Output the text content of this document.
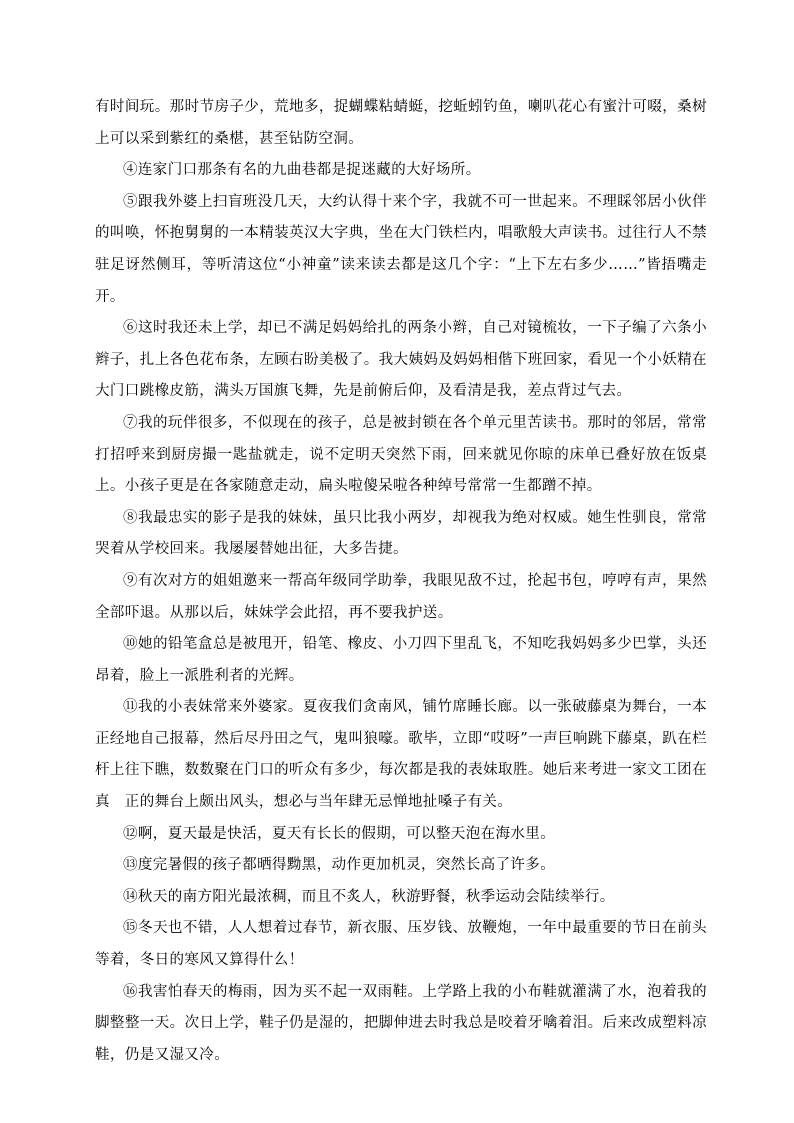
有时间玩。那时节房子少，荒地多，捉蝴蝶粘蜻蜓，挖蚯蚓钓鱼，喇叭花心有蜜汁可啜，桑树上可以采到紫红的桑椹，甚至钻防空洞。

④连家门口那条有名的九曲巷都是捉迷藏的大好场所。

⑤跟我外婆上扫盲班没几天，大约认得十来个字，我就不可一世起来。不理睬邻居小伙伴的叫唤，怀抱舅舅的一本精装英汉大字典，坐在大门铁栏内，唱歌般大声读书。过往行人不禁驻足讶然侧耳，等听清这位“小神童”读来读去都是这几个字：“上下左右多少……”皆捂嘴走开。

⑥这时我还未上学，却已不满足妈妈给扎的两条小辫，自己对镜梳妆，一下子编了六条小辫子，扎上各色花布条，左顾右盼美极了。我大姨妈及妈妈相偕下班回家，看见一个小妖精在大门口跳橡皮筋，满头万国旗飞舞，先是前俯后仰，及看清是我，差点背过气去。

⑦我的玩伴很多，不似现在的孩子，总是被封锁在各个单元里苦读书。那时的邻居，常常打招呼来到厨房撮一匙盐就走，说不定明天突然下雨，回来就见你晾的床单已叠好放在饭桌上。小孩子更是在各家随意走动，扁头啦傻呆啦各种绰号常常一生都蹭不掉。

⑧我最忠实的影子是我的妹妹，虽只比我小两岁，却视我为绝对权威。她生性驯良，常常哭着从学校回来。我屡屡替她出征，大多告捷。

⑨有次对方的姐姐邀来一帮高年级同学助拳，我眼见敌不过，抡起书包，哼哼有声，果然全部吓退。从那以后，妹妹学会此招，再不要我护送。

⑩她的铅笔盒总是被甩开，铅笔、橡皮、小刀四下里乱飞，不知吃我妈妈多少巴掌，头还昂着，脸上一派胜利者的光辉。

⑪我的小表妹常来外婆家。夏夜我们贪南风，铺竹席睡长廊。以一张破藤桌为舞台，一本正经地自己报幕，然后尽丹田之气，鬼叫狼嚎。歌毕，立即“哎呀”一声巨响跳下藤桌，趴在栏杆上往下瞧，数数聚在门口的听众有多少，每次都是我的表妹取胜。她后来考进一家文工团在真　正的舞台上颇出风头，想必与当年肆无忌惮地扯嗓子有关。

⑫啊，夏天最是快活，夏天有长长的假期，可以整天泡在海水里。

⑬度完暑假的孩子都晒得黝黑，动作更加机灵，突然长高了许多。

⑭秋天的南方阳光最浓稠，而且不炙人，秋游野餐，秋季运动会陆续举行。

⑮冬天也不错，人人想着过春节，新衣服、压岁钱、放鞭炮，一年中最重要的节日在前头等着，冬日的寒风又算得什么！

⑯我害怕春天的梅雨，因为买不起一双雨鞋。上学路上我的小布鞋就灌满了水，泡着我的脚整整一天。次日上学，鞋子仍是湿的，把脚伸进去时我总是咬着牙噙着泪。后来改成塑料凉鞋，仍是又湿又冷。
